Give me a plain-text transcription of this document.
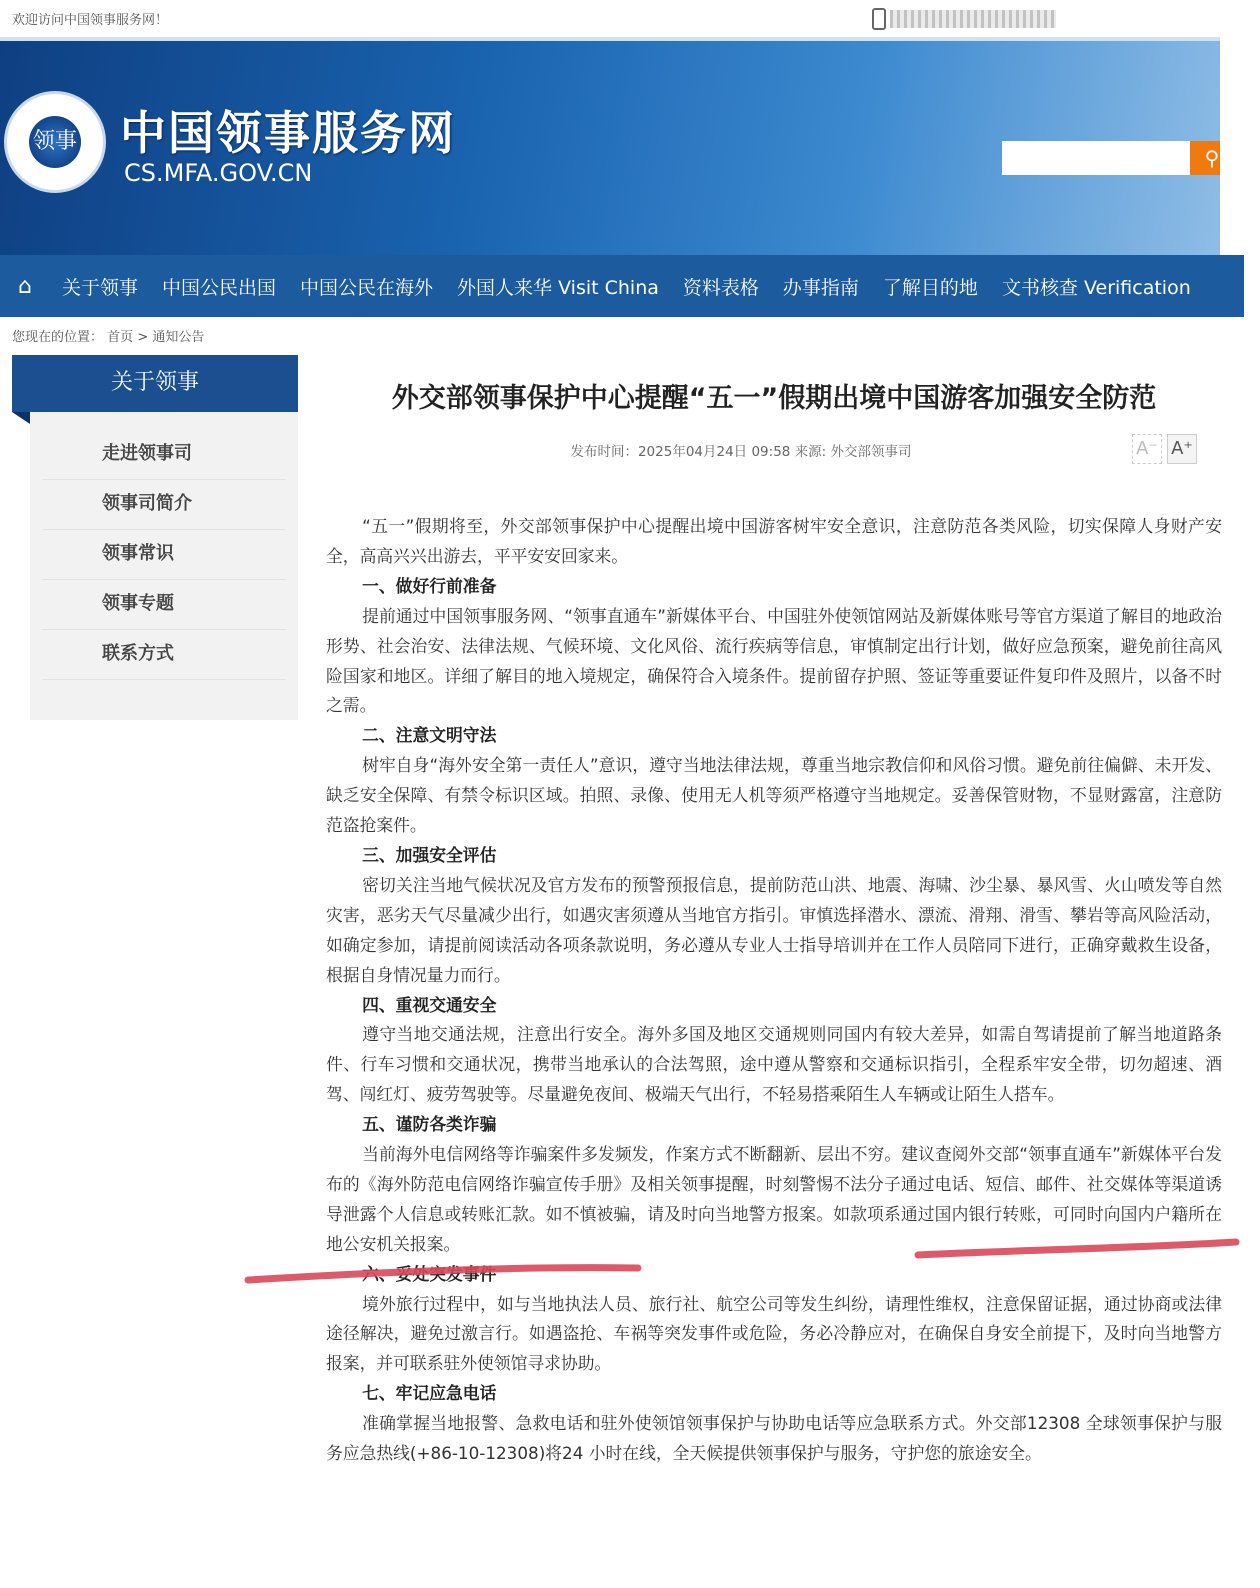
欢迎访问中国领事服务网！
领事 中国领事服务网
CS.MFA.GOV.CN
⚲
⌂	关于领事 中国公民出国 中国公民在海外 外国人来华 Visit China 资料表格 办事指南 了解目的地 文书核查 Verification
您现在的位置： 首页 > 通知公告
关于领事
走进领事司
领事司简介
领事常识
领事专题
联系方式
外交部领事保护中心提醒“五一”假期出境中国游客加强安全防范
发布时间：2025年04月24日 09:58 来源: 外交部领事司	A⁻ A⁺

“五一”假期将至，外交部领事保护中心提醒出境中国游客树牢安全意识，注意防范各类风险，切实保障人身财产安全，高高兴兴出游去，平平安安回家来。

一、做好行前准备

提前通过中国领事服务网、“领事直通车”新媒体平台、中国驻外使领馆网站及新媒体账号等官方渠道了解目的地政治形势、社会治安、法律法规、气候环境、文化风俗、流行疾病等信息，审慎制定出行计划，做好应急预案，避免前往高风险国家和地区。详细了解目的地入境规定，确保符合入境条件。提前留存护照、签证等重要证件复印件及照片，以备不时之需。

二、注意文明守法

树牢自身“海外安全第一责任人”意识，遵守当地法律法规，尊重当地宗教信仰和风俗习惯。避免前往偏僻、未开发、缺乏安全保障、有禁令标识区域。拍照、录像、使用无人机等须严格遵守当地规定。妥善保管财物，不显财露富，注意防范盗抢案件。

三、加强安全评估

密切关注当地气候状况及官方发布的预警预报信息，提前防范山洪、地震、海啸、沙尘暴、暴风雪、火山喷发等自然灾害，恶劣天气尽量减少出行，如遇灾害须遵从当地官方指引。审慎选择潜水、漂流、滑翔、滑雪、攀岩等高风险活动，如确定参加，请提前阅读活动各项条款说明，务必遵从专业人士指导培训并在工作人员陪同下进行，正确穿戴救生设备，根据自身情况量力而行。

四、重视交通安全

遵守当地交通法规，注意出行安全。海外多国及地区交通规则同国内有较大差异，如需自驾请提前了解当地道路条件、行车习惯和交通状况，携带当地承认的合法驾照，途中遵从警察和交通标识指引，全程系牢安全带，切勿超速、酒驾、闯红灯、疲劳驾驶等。尽量避免夜间、极端天气出行，不轻易搭乘陌生人车辆或让陌生人搭车。

五、谨防各类诈骗

当前海外电信网络等诈骗案件多发频发，作案方式不断翻新、层出不穷。建议查阅外交部“领事直通车”新媒体平台发布的《海外防范电信网络诈骗宣传手册》及相关领事提醒，时刻警惕不法分子通过电话、短信、邮件、社交媒体等渠道诱导泄露个人信息或转账汇款。如不慎被骗，请及时向当地警方报案。如款项系通过国内银行转账，可同时向国内户籍所在地公安机关报案。

六、妥处突发事件

境外旅行过程中，如与当地执法人员、旅行社、航空公司等发生纠纷，请理性维权，注意保留证据，通过协商或法律途径解决，避免过激言行。如遇盗抢、车祸等突发事件或危险，务必冷静应对，在确保自身安全前提下，及时向当地警方报案，并可联系驻外使领馆寻求协助。

七、牢记应急电话

准确掌握当地报警、急救电话和驻外使领馆领事保护与协助电话等应急联系方式。外交部12308 全球领事保护与服务应急热线(+86-10-12308)将24 小时在线，全天候提供领事保护与服务，守护您的旅途安全。
